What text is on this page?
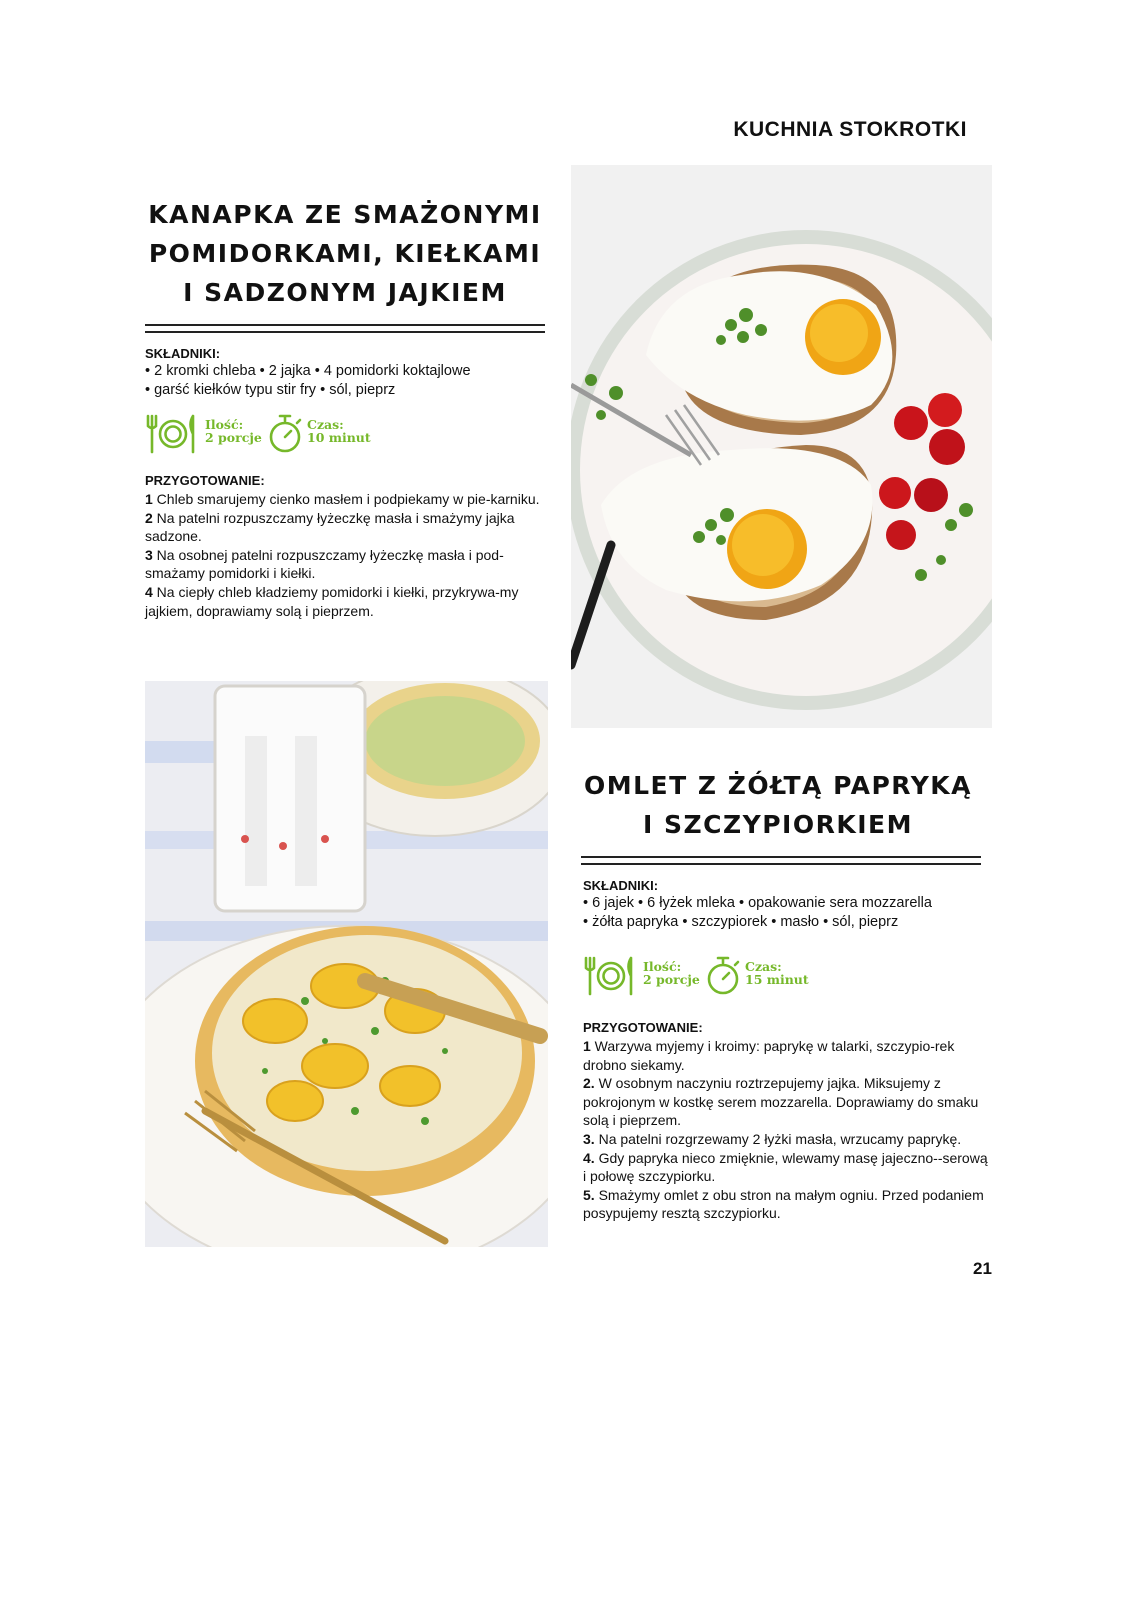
KUCHNIA STOKROTKI
KANAPKA ZE SMAŻONYMI
POMIDORKAMI, KIEŁKAMI
I SADZONYM JAJKIEM
SKŁADNIKI:
• 2 kromki chleba • 2 jajka • 4 pomidorki koktajlowe
• garść kiełków typu stir fry • sól, pieprz
Ilość:
2 porcje
Czas:
10 minut
PRZYGOTOWANIE:

1 Chleb smarujemy cienko masłem i podpiekamy w pie-karniku.

2 Na patelni rozpuszczamy łyżeczkę masła i smażymy jajka sadzone.

3 Na osobnej patelni rozpuszczamy łyżeczkę masła i pod-smażamy pomidorki i kiełki.

4 Na ciepły chleb kładziemy pomidorki i kiełki, przykrywa-my jajkiem, doprawiamy solą i pieprzem.

OMLET Z ŻÓŁTĄ PAPRYKĄ
I SZCZYPIORKIEM
SKŁADNIKI:
• 6 jajek • 6 łyżek mleka • opakowanie sera mozzarella
• żółta papryka • szczypiorek • masło • sól, pieprz
Ilość:
2 porcje
Czas:
15 minut
PRZYGOTOWANIE:

1 Warzywa myjemy i kroimy: paprykę w talarki, szczypio-rek drobno siekamy.

2. W osobnym naczyniu roztrzepujemy jajka. Miksujemy z pokrojonym w kostkę serem mozzarella. Doprawiamy do smaku solą i pieprzem.

3. Na patelni rozgrzewamy 2 łyżki masła, wrzucamy paprykę.

4. Gdy papryka nieco zmięknie, wlewamy masę jajeczno--serową i połowę szczypiorku.

5. Smażymy omlet z obu stron na małym ogniu. Przed podaniem posypujemy resztą szczypiorku.

21
